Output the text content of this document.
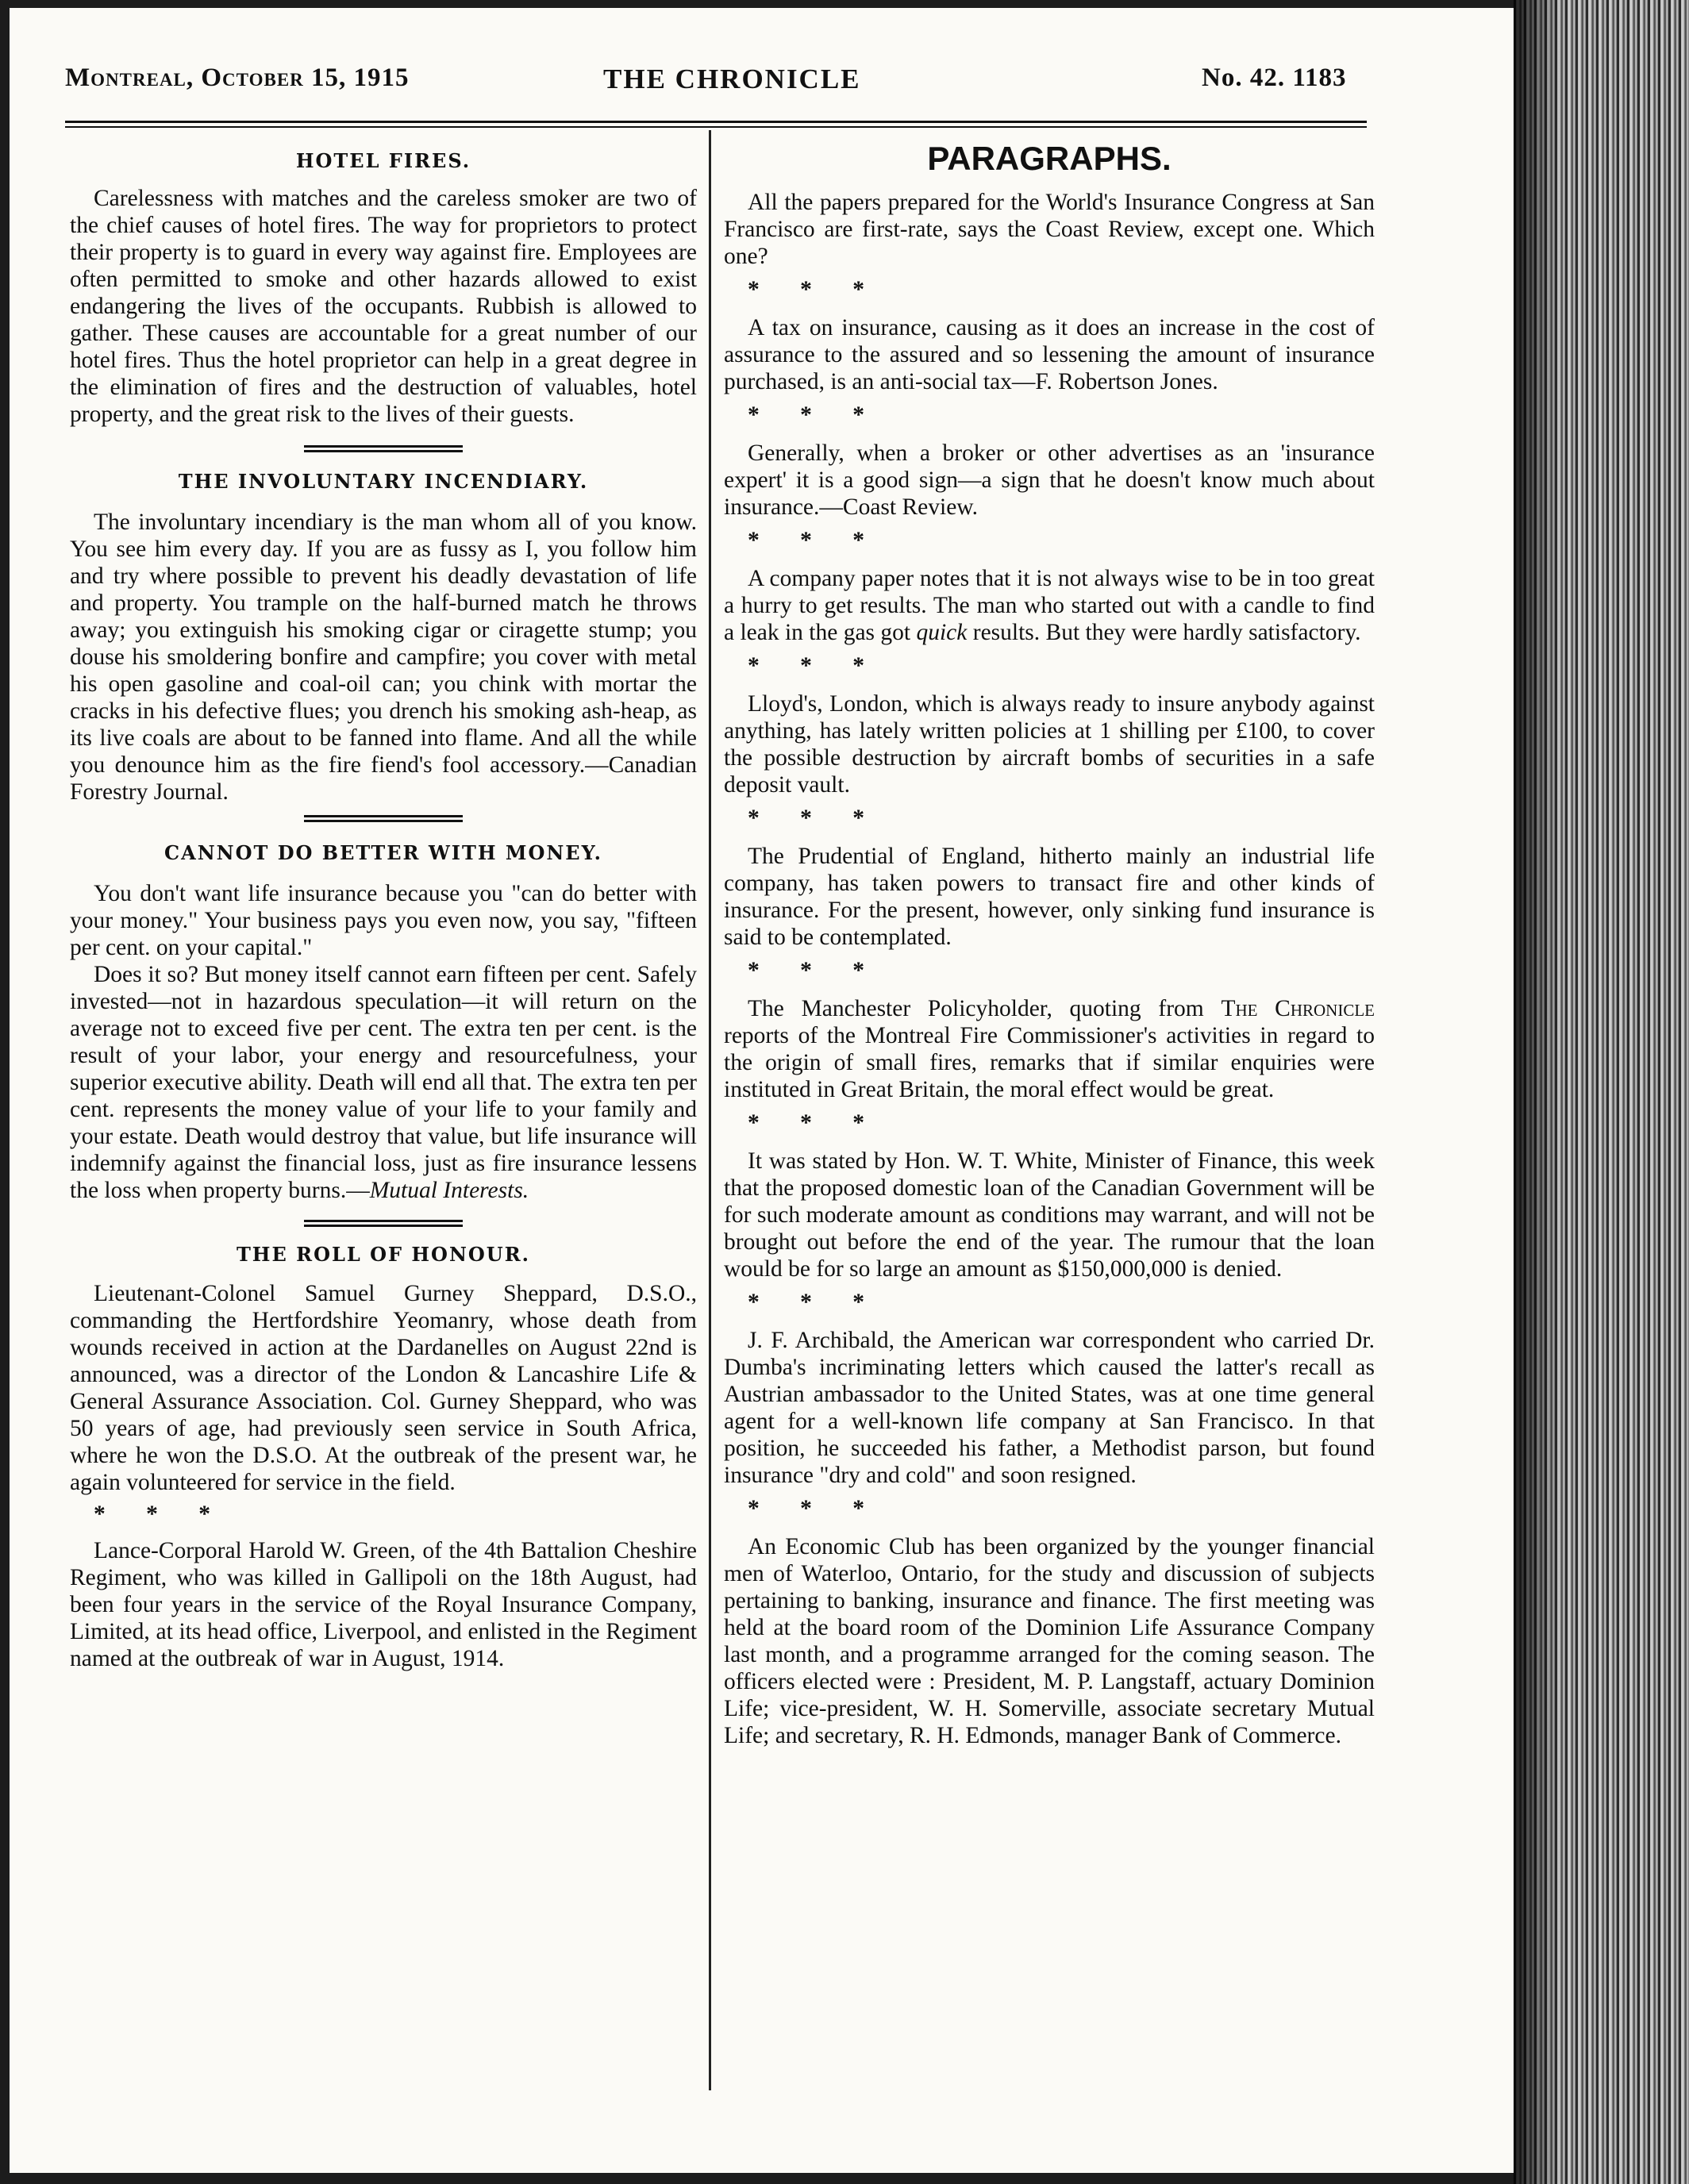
Montreal, October 15, 1915	THE CHRONICLE	No. 42. 1183
HOTEL FIRES.

Carelessness with matches and the careless smoker are two of the chief causes of hotel fires. The way for proprietors to protect their property is to guard in every way against fire. Employees are often permitted to smoke and other hazards allowed to exist endangering the lives of the occupants. Rubbish is allowed to gather. These causes are accountable for a great number of our hotel fires. Thus the hotel proprietor can help in a great degree in the elimination of fires and the destruction of valuables, hotel property, and the great risk to the lives of their guests.

THE INVOLUNTARY INCENDIARY.

The involuntary incendiary is the man whom all of you know. You see him every day. If you are as fussy as I, you follow him and try where possible to prevent his deadly devastation of life and property. You trample on the half-burned match he throws away; you extinguish his smoking cigar or ciragette stump; you douse his smoldering bonfire and campfire; you cover with metal his open gasoline and coal-oil can; you chink with mortar the cracks in his defective flues; you drench his smoking ash-heap, as its live coals are about to be fanned into flame. And all the while you denounce him as the fire fiend's fool accessory.—Canadian Forestry Journal.

CANNOT DO BETTER WITH MONEY.

You don't want life insurance because you "can do better with your money." Your business pays you even now, you say, "fifteen per cent. on your capital."

Does it so? But money itself cannot earn fifteen per cent. Safely invested—not in hazardous speculation—it will return on the average not to exceed five per cent. The extra ten per cent. is the result of your labor, your energy and resourcefulness, your superior executive ability. Death will end all that. The extra ten per cent. represents the money value of your life to your family and your estate. Death would destroy that value, but life insurance will indemnify against the financial loss, just as fire insurance lessens the loss when property burns.—Mutual Interests.

THE ROLL OF HONOUR.

Lieutenant-Colonel Samuel Gurney Sheppard, D.S.O., commanding the Hertfordshire Yeomanry, whose death from wounds received in action at the Dardanelles on August 22nd is announced, was a director of the London & Lancashire Life & General Assurance Association. Col. Gurney Sheppard, who was 50 years of age, had previously seen service in South Africa, where he won the D.S.O. At the outbreak of the present war, he again volunteered for service in the field.

* * *

Lance-Corporal Harold W. Green, of the 4th Battalion Cheshire Regiment, who was killed in Gallipoli on the 18th August, had been four years in the service of the Royal Insurance Company, Limited, at its head office, Liverpool, and enlisted in the Regiment named at the outbreak of war in August, 1914.

PARAGRAPHS.

All the papers prepared for the World's Insurance Congress at San Francisco are first-rate, says the Coast Review, except one. Which one?

* * *

A tax on insurance, causing as it does an increase in the cost of assurance to the assured and so lessening the amount of insurance purchased, is an anti-social tax—F. Robertson Jones.

* * *

Generally, when a broker or other advertises as an 'insurance expert' it is a good sign—a sign that he doesn't know much about insurance.—Coast Review.

* * *

A company paper notes that it is not always wise to be in too great a hurry to get results. The man who started out with a candle to find a leak in the gas got quick results. But they were hardly satisfactory.

* * *

Lloyd's, London, which is always ready to insure anybody against anything, has lately written policies at 1 shilling per £100, to cover the possible destruction by aircraft bombs of securities in a safe deposit vault.

* * *

The Prudential of England, hitherto mainly an industrial life company, has taken powers to transact fire and other kinds of insurance. For the present, however, only sinking fund insurance is said to be contemplated.

* * *

The Manchester Policyholder, quoting from The Chronicle reports of the Montreal Fire Commissioner's activities in regard to the origin of small fires, remarks that if similar enquiries were instituted in Great Britain, the moral effect would be great.

* * *

It was stated by Hon. W. T. White, Minister of Finance, this week that the proposed domestic loan of the Canadian Government will be for such moderate amount as conditions may warrant, and will not be brought out before the end of the year. The rumour that the loan would be for so large an amount as $150,000,000 is denied.

* * *

J. F. Archibald, the American war correspondent who carried Dr. Dumba's incriminating letters which caused the latter's recall as Austrian ambassador to the United States, was at one time general agent for a well-known life company at San Francisco. In that position, he succeeded his father, a Methodist parson, but found insurance "dry and cold" and soon resigned.

* * *

An Economic Club has been organized by the younger financial men of Waterloo, Ontario, for the study and discussion of subjects pertaining to banking, insurance and finance. The first meeting was held at the board room of the Dominion Life Assurance Company last month, and a programme arranged for the coming season. The officers elected were : President, M. P. Langstaff, actuary Dominion Life; vice-president, W. H. Somerville, associate secretary Mutual Life; and secretary, R. H. Edmonds, manager Bank of Commerce.
